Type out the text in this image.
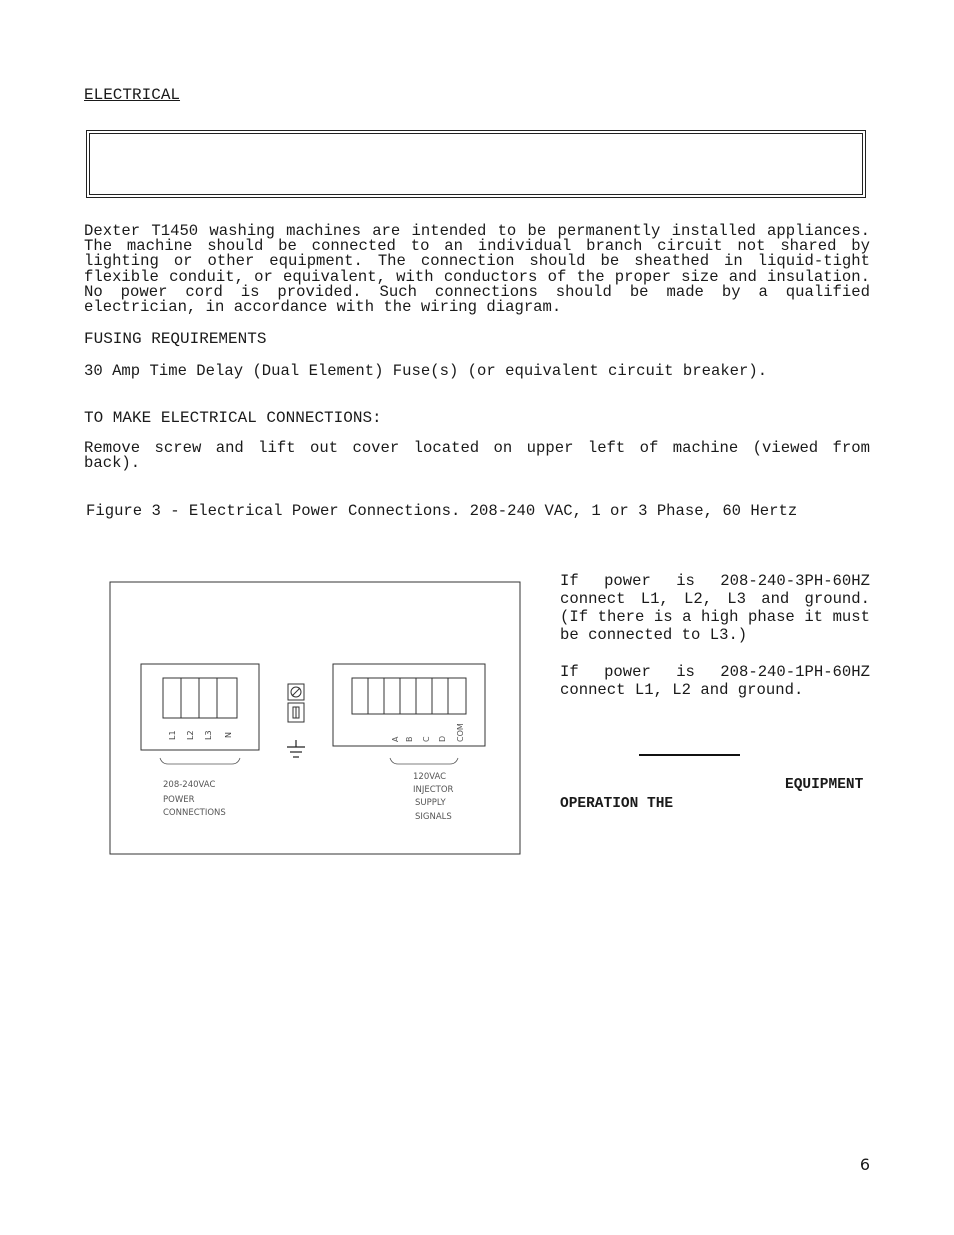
ELECTRICAL

Dexter T1450 washing machines are intended to be permanently installed appliances. The machine should be connected to an individual branch circuit not shared by lighting or other equipment. The connection should be sheathed in liquid-tight flexible conduit, or equivalent, with conductors of the proper size and insulation. No power cord is provided. Such connections should be made by a qualified electrician, in accordance with the wiring diagram.

FUSING REQUIREMENTS
30 Amp Time Delay (Dual Element) Fuse(s) (or equivalent circuit breaker).
TO MAKE ELECTRICAL CONNECTIONS:

Remove screw and lift out cover located on upper left of machine (viewed from back).

Figure 3 - Electrical Power Connections. 208-240 VAC, 1 or 3 Phase, 60 Hertz
L1 L2 L3 N
208-240VAC
POWER
CONNECTIONS
A B C D COM
120VAC
INJECTOR
SUPPLY
SIGNALS

If power is 208-240-3PH-60HZ connect L1, L2, L3 and ground. (If there is a high phase it must be connected to L3.)

If power is 208-240-1PH-60HZ connect L1, L2 and ground.

EQUIPMENT
OPERATION THE
6
